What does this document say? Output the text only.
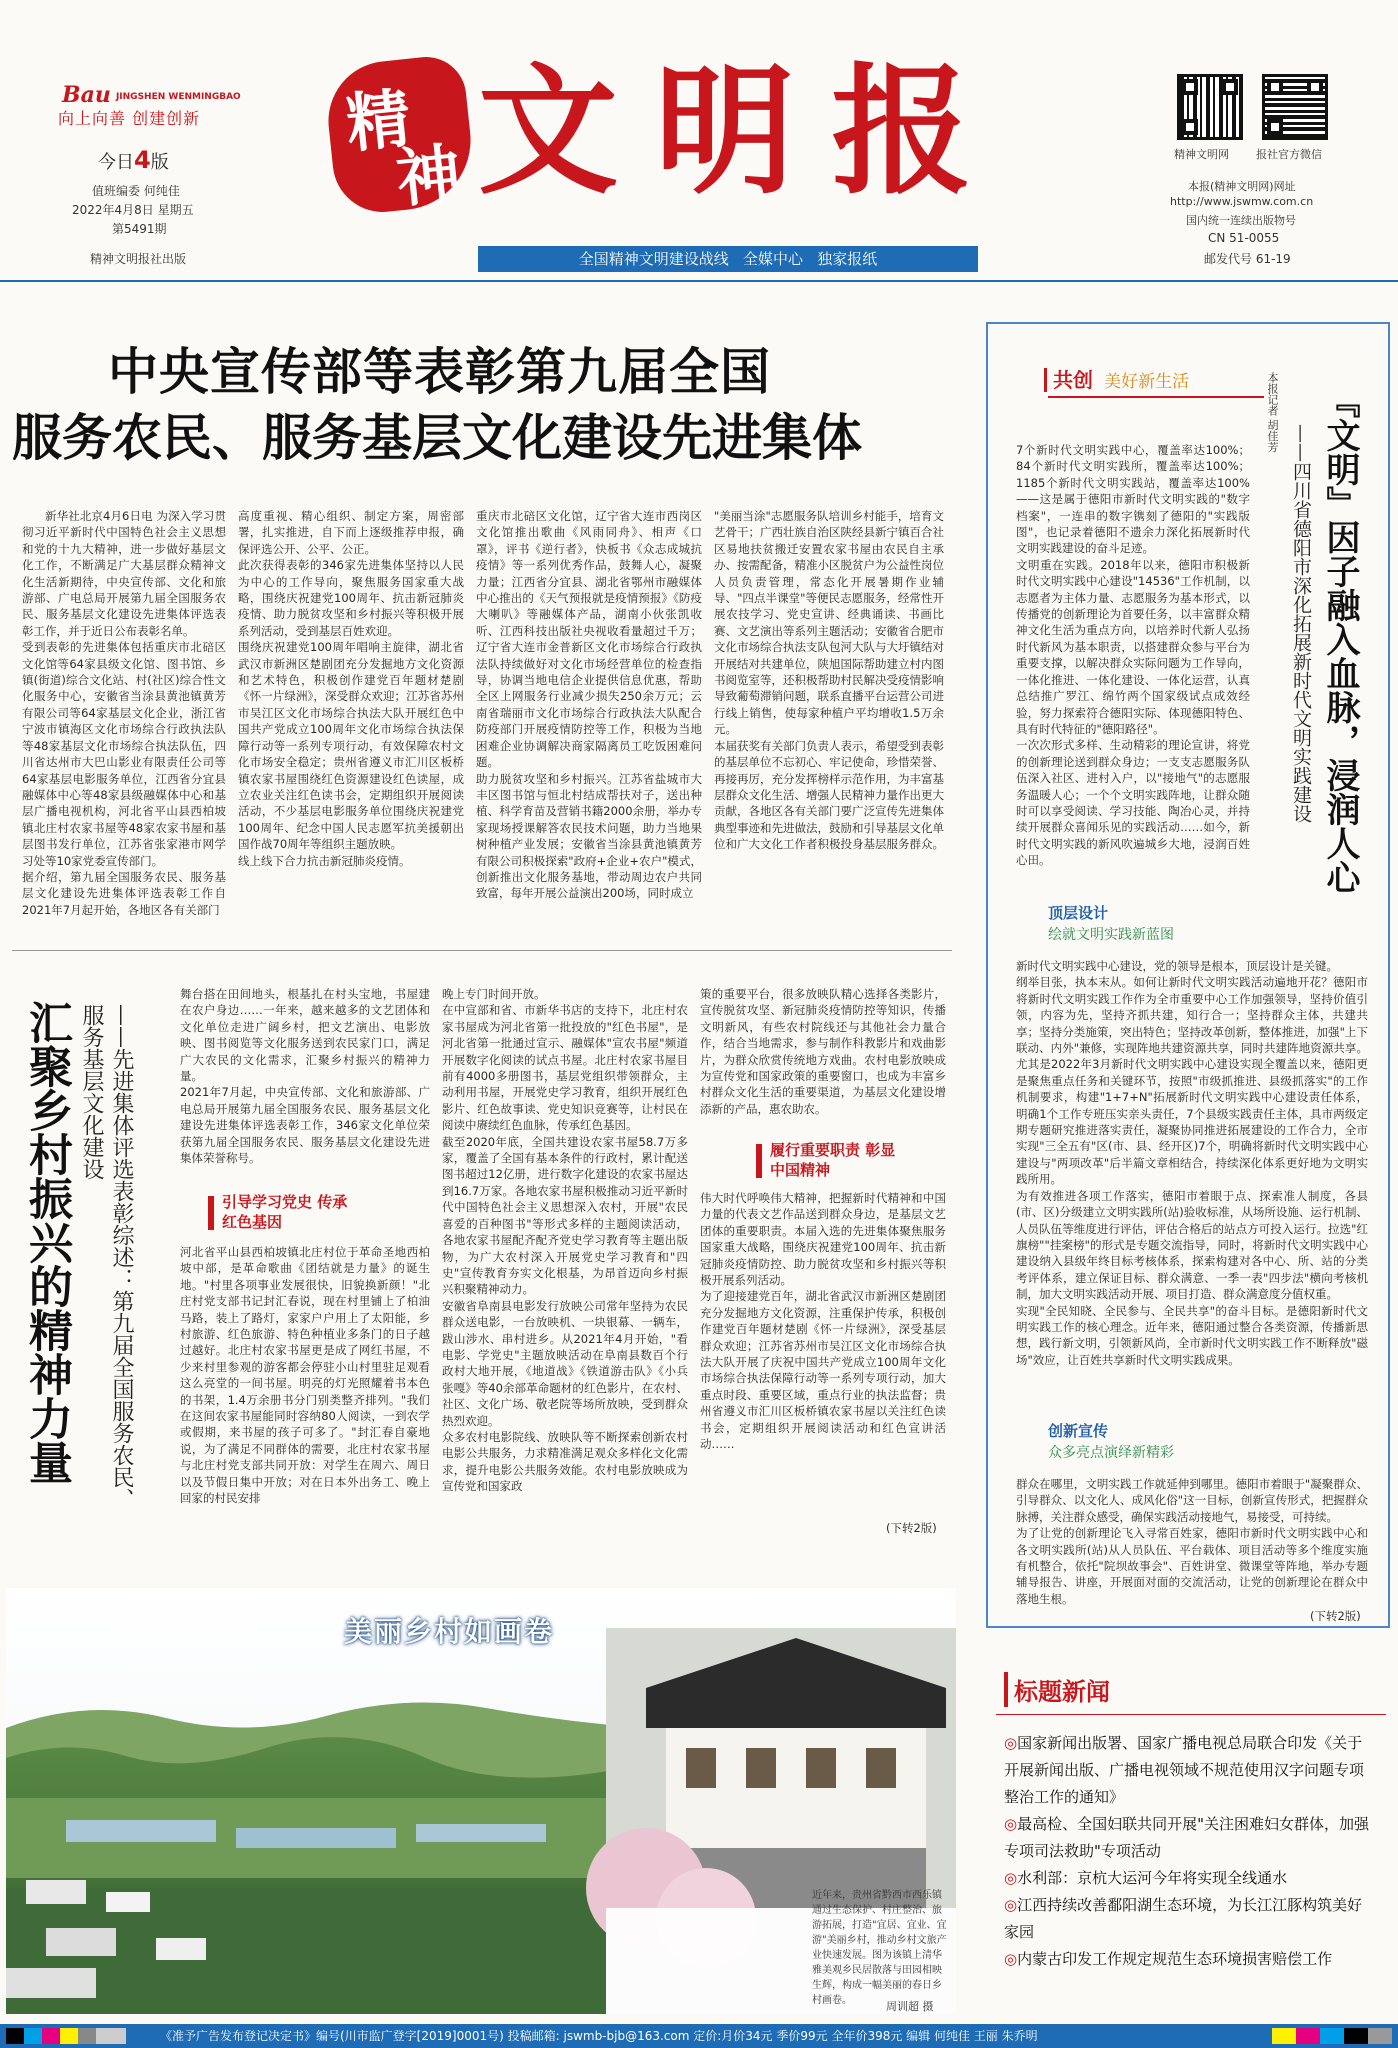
Bau JINGSHEN WENMINGBAO
向上向善 创建创新
今日4版
值班编委 何纯佳
2022年4月8日 星期五
第5491期
精神文明报社出版
精
神 文 明 报	精神文明网 报社官方微信
本报(精神文明网)网址
http://www.jswmw.com.cn
国内统一连续出版物号
CN 51-0055
邮发代号 61-19
全国精神文明建设战线   全媒中心   独家报纸
中央宣传部等表彰第九届全国
服务农民、服务基层文化建设先进集体
新华社北京4月6日电 为深入学习贯彻习近平新时代中国特色社会主义思想和党的十九大精神，进一步做好基层文化工作，不断满足广大基层群众精神文化生活新期待，中央宣传部、文化和旅游部、广电总局开展第九届全国服务农民、服务基层文化建设先进集体评选表彰工作，并于近日公布表彰名单。
受到表彰的先进集体包括重庆市北碚区文化馆等64家县级文化馆、图书馆、乡镇(街道)综合文化站、村(社区)综合性文化服务中心，安徽省当涂县黄池镇黄芳有限公司等64家基层文化企业，浙江省宁波市镇海区文化市场综合行政执法队等48家基层文化市场综合执法队伍，四川省达州市大巴山影业有限责任公司等64家基层电影服务单位，江西省分宜县融媒体中心等48家县级融媒体中心和基层广播电视机构，河北省平山县西柏坡镇北庄村农家书屋等48家农家书屋和基层图书发行单位，江苏省张家港市网学习处等10家党委宣传部门。
据介绍，第九届全国服务农民、服务基层文化建设先进集体评选表彰工作自2021年7月起开始，各地区各有关部门
高度重视、精心组织、制定方案，周密部署，扎实推进，自下而上逐级推荐申报，确保评选公开、公平、公正。
此次获得表彰的346家先进集体坚持以人民为中心的工作导向，聚焦服务国家重大战略，围绕庆祝建党100周年、抗击新冠肺炎疫情、助力脱贫攻坚和乡村振兴等积极开展系列活动，受到基层百姓欢迎。
围绕庆祝建党100周年唱响主旋律，湖北省武汉市新洲区楚剧团充分发掘地方文化资源和艺术特色，积极创作建党百年题材楚剧《怀一片绿洲》，深受群众欢迎；江苏省苏州市吴江区文化市场综合执法大队开展红色中国共产党成立100周年文化市场综合执法保障行动等一系列专项行动，有效保障农村文化市场安全稳定；贵州省遵义市汇川区板桥镇农家书屋围绕红色资源建设红色读屋，成立农业关注红色读书会，定期组织开展阅读活动，不少基层电影服务单位围绕庆祝建党100周年、纪念中国人民志愿军抗美援朝出国作战70周年等组织主题放映。
线上线下合力抗击新冠肺炎疫情。
重庆市北碚区文化馆，辽宁省大连市西岗区文化馆推出歌曲《风雨同舟》、相声《口罩》，评书《逆行者》，快板书《众志成城抗疫情》等一系列优秀作品，鼓舞人心，凝聚力量；江西省分宜县、湖北省鄂州市融媒体中心推出的《天气预报就是疫情预报》《防疫大喇叭》等融媒体产品，湖南小伙张凯收听、江西科技出版社央视收看量超过千万；辽宁省大连市金普新区文化市场综合行政执法队持续做好对文化市场经营单位的检查指导，协调当地电信企业提供信息优惠，帮助全区上网服务行业减少损失250余万元；云南省瑞丽市文化市场综合行政执法大队配合防疫部门开展疫情防控等工作，积极为当地困难企业协调解决商家隔离员工吃饭困难问题。
助力脱贫攻坚和乡村振兴。江苏省盐城市大丰区图书馆与恒北村结成帮扶对子，送出种植、科学育苗及营销书籍2000余册，举办专家现场授课解答农民技术问题，助力当地果树种植产业发展；安徽省当涂县黄池镇黄芳有限公司积极探索"政府+企业+农户"模式，创新推出文化服务基地，带动周边农户共同致富，每年开展公益演出200场，同时成立
"美丽当涂"志愿服务队培训乡村能手，培育文艺骨干；广西壮族自治区陕经县新宁镇百合社区易地扶贫搬迁安置农家书屋由农民自主承办、按需配备，精准小区脱贫户为公益性岗位人员负责管理，常态化开展暑期作业辅导、"四点半课堂"等便民志愿服务，经常性开展农技学习、党史宣讲、经典诵读、书画比赛、文艺演出等系列主题活动；安徽省合肥市文化市场综合执法支队包河大队与大圩镇结对开展结对共建单位，陕旭国际帮助建立村内图书阅览室等，还积极帮助村民解决受疫情影响导致葡萄滞销问题，联系直播平台运营公司进行线上销售，使每家种植户平均增收1.5万余元。
本届获奖有关部门负责人表示，希望受到表彰的基层单位不忘初心、牢记使命，珍惜荣誉、再接再厉，充分发挥榜样示范作用，为丰富基层群众文化生活、增强人民精神力量作出更大贡献，各地区各有关部门要广泛宣传先进集体典型事迹和先进做法，鼓励和引导基层文化单位和广大文化工作者积极投身基层服务群众。
汇聚乡村振兴的精神力量	——先进集体评选表彰综述：第九届全国服务农民、服务基层文化建设
舞台搭在田间地头，根基扎在村头宝地，书屋建在农户身边……一年来，越来越多的文艺团体和文化单位走进广阔乡村，把文艺演出、电影放映、图书阅览等文化服务送到农民家门口，满足广大农民的文化需求，汇聚乡村振兴的精神力量。
2021年7月起，中央宣传部、文化和旅游部、广电总局开展第九届全国服务农民、服务基层文化建设先进集体评选表彰工作，346家文化单位荣获第九届全国服务农民、服务基层文化建设先进集体荣誉称号。
引导学习党史 传承红色基因
河北省平山县西柏坡镇北庄村位于革命圣地西柏坡中部，是革命歌曲《团结就是力量》的诞生地。"村里各项事业发展很快，旧貌换新颜！"北庄村党支部书记封汇春说，现在村里铺上了柏油马路，装上了路灯，家家户户用上了太阳能，乡村旅游、红色旅游、特色种植业多条门的日子越过越好。北庄村农家书屋更是成了网红书屋，不少来村里参观的游客都会停驻小山村里驻足观看这么亮堂的一间书屋。明亮的灯光照耀着书本色的书架，1.4万余册书分门别类整齐排列。"我们在这间农家书屋能同时容纳80人阅读，一到农学或假期，来书屋的孩子可多了。"封汇春自豪地说，为了满足不同群体的需要，北庄村农家书屋与北庄村党支部共同开放：对学生在周六、周日以及节假日集中开放；对在日本外出务工、晚上回家的村民安排
晚上专门时间开放。
在中宣部和省、市新华书店的支持下，北庄村农家书屋成为河北省第一批投放的"红色书屋"，是河北省第一批通过宣示、融媒体"宣农书屋"频道开展数字化阅读的试点书屋。北庄村农家书屋目前有4000多册图书，基层党组织带领群众，主动利用书屋，开展党史学习教育，组织开展红色影片、红色故事读、党史知识竞赛等，让村民在阅读中赓续红色血脉，传承红色基因。
截至2020年底，全国共建设农家书屋58.7万多家，覆盖了全国有基本条件的行政村，累计配送图书超过12亿册，进行数字化建设的农家书屋达到16.7万家。各地农家书屋积极推动习近平新时代中国特色社会主义思想深入农村，开展"农民喜爱的百种图书"等形式多样的主题阅读活动，各地农家书屋配齐配齐党史学习教育等主题出版物，为广大农村深入开展党史学习教育和"四史"宣传教育夯实文化根基，为昂首迈向乡村振兴积聚精神动力。
安徽省阜南县电影发行放映公司常年坚持为农民群众送电影，一台放映机、一块银幕、一辆车，跋山涉水、串村进乡。从2021年4月开始，"看电影、学党史"主题放映活动在阜南县数百个行政村大地开展，《地道战》《铁道游击队》《小兵张嘎》等40余部革命题材的红色影片，在农村、社区、文化广场、敬老院等场所放映，受到群众热烈欢迎。
众多农村电影院线、放映队等不断探索创新农村电影公共服务，力求精准满足观众多样化文化需求，提升电影公共服务效能。农村电影放映成为宣传党和国家政
策的重要平台，很多放映队精心选择各类影片，宣传脱贫攻坚、新冠肺炎疫情防控等知识，传播文明新风，有些农村院线还与其他社会力量合作，结合当地需求，参与制作科教影片和戏曲影片，为群众欣赏传统地方戏曲。农村电影放映成为宣传党和国家政策的重要窗口，也成为丰富乡村群众文化生活的重要渠道，为基层文化建设增添新的产品，惠农助农。
履行重要职责 彰显中国精神
伟大时代呼唤伟大精神，把握新时代精神和中国力量的代表文艺作品送到群众身边，是基层文艺团体的重要职责。本届入选的先进集体聚焦服务国家重大战略，围绕庆祝建党100周年、抗击新冠肺炎疫情防控、助力脱贫攻坚和乡村振兴等积极开展系列活动。
为了迎接建党百年，湖北省武汉市新洲区楚剧团充分发掘地方文化资源，注重保护传承，积极创作建党百年题材楚剧《怀一片绿洲》，深受基层群众欢迎；江苏省苏州市吴江区文化市场综合执法大队开展了庆祝中国共产党成立100周年文化市场综合执法保障行动等一系列专项行动，加大重点时段、重要区域，重点行业的执法监督；贵州省遵义市汇川区板桥镇农家书屋以关注红色读书会，定期组织开展阅读活动和红色宣讲活动……
(下转2版)
美丽乡村如画卷
近年来，贵州省黔西市西乐镇通过生态保护、村庄整治、旅游拓展，打造"宜居、宜业、宜游"美丽乡村，推动乡村文旅产业快速发展。图为该镇上清华雅美观乡民居散落与田园相映生辉，构成一幅美丽的春日乡村画卷。	周训超 摄
共创 美好新生活
『文明』因子融入血脉，浸润人心
——四川省德阳市深化拓展新时代文明实践建设
本报记者 胡佳芳
7个新时代文明实践中心，覆盖率达100%；84个新时代文明实践所，覆盖率达100%；1185个新时代文明实践站，覆盖率达100%——这是属于德阳市新时代文明实践的"数字档案"，一连串的数字镌刻了德阳的"实践版图"，也记录着德阳不遗余力深化拓展新时代文明实践建设的奋斗足迹。
文明重在实践。2018年以来，德阳市积极新时代文明实践中心建设"14536"工作机制，以志愿者为主体力量、志愿服务为基本形式，以传播党的创新理论为首要任务，以丰富群众精神文化生活为重点方向，以培养时代新人弘扬时代新风为基本职责，以搭建群众参与平台为重要支撑，以解决群众实际问题为工作导向，一体化推进、一体化建设、一体化运营，认真总结推广罗江、绵竹两个国家级试点成效经验，努力探索符合德阳实际、体现德阳特色、具有时代特征的"德阳路径"。
一次次形式多样、生动精彩的理论宣讲，将党的创新理论送到群众身边；一支支志愿服务队伍深入社区、进村入户，以"接地气"的志愿服务温暖人心；一个个文明实践阵地，让群众随时可以享受阅读、学习技能、陶冶心灵，并持续开展群众喜闻乐见的实践活动……如今，新时代文明实践的新风吹遍城乡大地，浸润百姓心田。
顶层设计
绘就文明实践新蓝图
新时代文明实践中心建设，党的领导是根本，顶层设计是关键。
纲举目张，执本末从。如何让新时代文明实践活动遍地开花？德阳市将新时代文明实践工作作为全市重要中心工作加强领导，坚持价值引领，内容为先，坚持齐抓共建，知行合一；坚持群众主体，共建共享；坚持分类施策，突出特色；坚持改革创新，整体推进，加强"上下联动、内外"兼修，实现阵地共建资源共享，同时共建阵地资源共享。尤其是2022年3月新时代文明实践中心建设实现全覆盖以来，德阳更是聚焦重点任务和关键环节，按照"市级抓推进、县级抓落实"的工作机制要求，构建"1+7+N"拓展新时代文明实践中心建设责任体系，明确1个工作专班压实亲头责任，7个县级实践责任主体，具市两级定期专题研究推进落实责任，凝聚协同推进拓展建设的工作合力，全市实现"三全五有"区(市、县、经开区)7个，明确将新时代文明实践中心建设与"两项改革"后半篇文章相结合，持续深化体系更好地为文明实践所用。
为有效推进各项工作落实，德阳市着眼于点、探索准人制度，各县(市、区)分级建立文明实践所(站)验收标准，从场所设施、运行机制、人员队伍等维度进行评估，评估合格后的站点方可投入运行。拉选"红旗榜""挂案榜"的形式是专题交流指导，同时，将新时代文明实践中心建设纳入县级年终目标考核体系，探索构建对各中心、所、站的分类考评体系，建立保证目标、群众满意、一季一表"四步法"横向考核机制，加大文明实践活动开展、项目打造、群众满意度分值权重。
实现"全民知晓、全民参与、全民共享"的奋斗目标。是德阳新时代文明实践工作的核心理念。近年来，德阳通过整合各类资源，传播新思想，践行新文明，引领新风尚，全市新时代文明实践工作不断释放"磁场"效应，让百姓共享新时代文明实践成果。
创新宣传
众多亮点演绎新精彩
群众在哪里，文明实践工作就延伸到哪里。德阳市着眼于"凝聚群众、引导群众、以文化人、成风化俗"这一目标，创新宣传形式，把握群众脉搏，关注群众感受，确保实践活动接地气，易接受，可持续。
为了让党的创新理论飞入寻常百姓家，德阳市新时代文明实践中心和各文明实践所(站)从人员队伍、平台载体、项目活动等多个维度实施有机整合，依托"院坝故事会"、百姓讲堂、微课堂等阵地，举办专题辅导报告、讲座，开展面对面的交流活动，让党的创新理论在群众中落地生根。
(下转2版)
标题新闻
◎国家新闻出版署、国家广播电视总局联合印发《关于开展新闻出版、广播电视领域不规范使用汉字问题专项整治工作的通知》
◎最高检、全国妇联共同开展"关注困难妇女群体，加强专项司法救助"专项活动
◎水利部：京杭大运河今年将实现全线通水
◎江西持续改善鄱阳湖生态环境，为长江江豚构筑美好家园
◎内蒙古印发工作规定规范生态环境损害赔偿工作
《准予广告发布登记决定书》编号(川市监广登字[2019]0001号) 投稿邮箱: jswmb-bjb@163.com 定价:月价34元 季价99元 全年价398元 编辑 何纯佳 王丽 朱乔明
